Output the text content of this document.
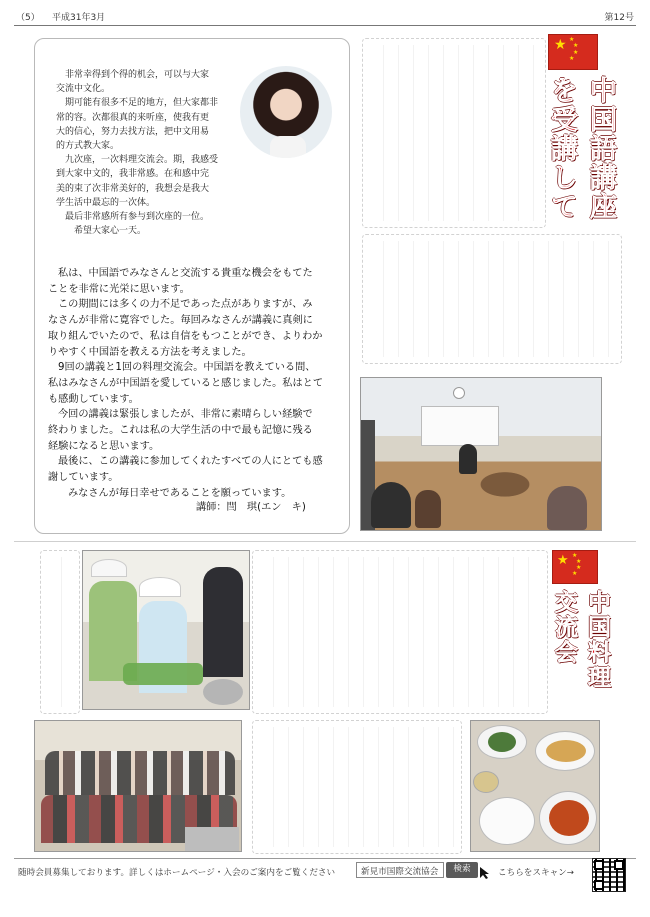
（5） 平成31年3月	第12号
★ ★
★
★
★
中国語講座を受講して
非常幸得到个得的机会，可以与大家
交流中文化。
期可能有很多不足的地方，但大家都非
常的容。次都很真的来听座，使我有更
大的信心，努力去找方法，把中文用易
的方式教大家。
九次座，一次料理交流会。期，我感受
到大家中文的，我非常感。在和感中完
美的束了次非常美好的，我想会是我大
学生活中最忘的一次体。
最后非常感所有参与到次座的一位。
希望大家心一天。
私は、中国語でみなさんと交流する貴重な機会をもてた
ことを非常に光栄に思います。
この期間には多くの力不足であった点がありますが、み
なさんが非常に寛容でした。毎回みなさんが講義に真剣に
取り組んでいたので、私は自信をもつことができ、よりわか
りやすく中国語を教える方法を考えました。
9回の講義と1回の料理交流会。中国語を教えている間、
私はみなさんが中国語を愛していると感じました。私はとて
も感動しています。
今回の講義は緊張しましたが、非常に素晴らしい経験で
終わりました。これは私の大学生活の中で最も記憶に残る
経験になると思います。
最後に、この講義に参加してくれたすべての人にとても感
謝しています。
みなさんが毎日幸せであることを願っています。
講師：閆　琪(エン　キ)
★ ★
★
★
★
中国料理交流会
随時会員募集しております。詳しくはホームページ・入会のご案内をご覧ください	新見市国際交流協会	検索	こちらをスキャン→
